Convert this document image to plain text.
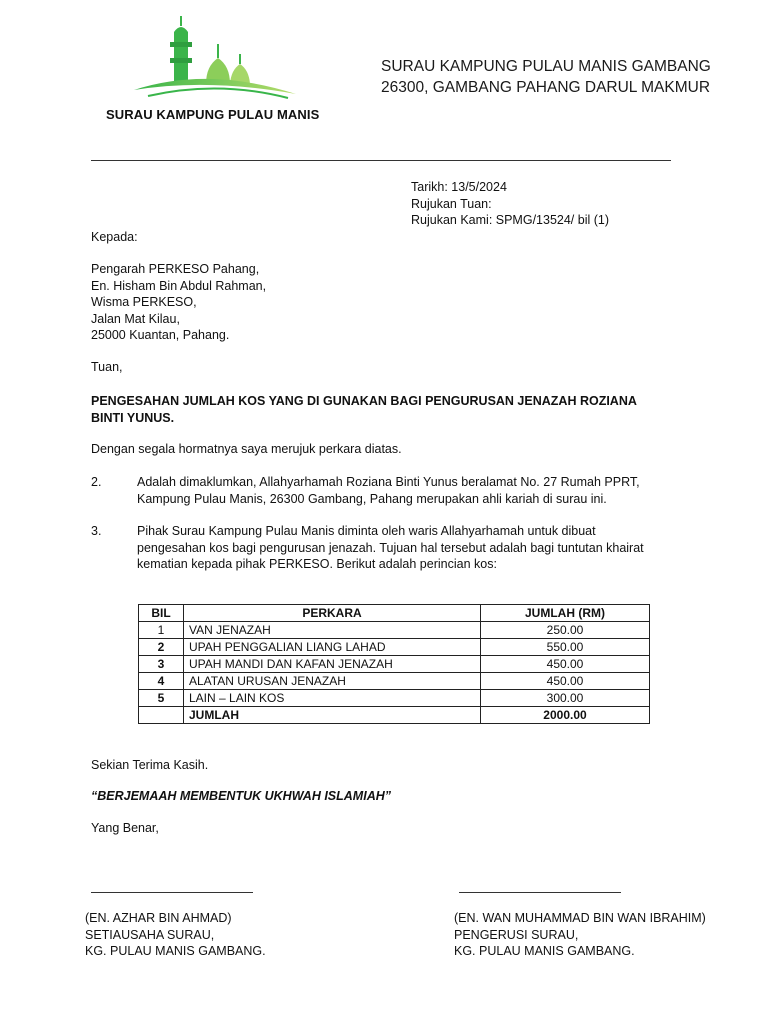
SURAU KAMPUNG PULAU MANIS
SURAU KAMPUNG PULAU MANIS GAMBANG
26300, GAMBANG PAHANG DARUL MAKMUR
Tarikh: 13/5/2024
Rujukan Tuan:
Rujukan Kami: SPMG/13524/ bil (1)
Kepada:
Pengarah PERKESO Pahang,
En. Hisham Bin Abdul Rahman,
Wisma PERKESO,
Jalan Mat Kilau,
25000 Kuantan, Pahang.
Tuan,
PENGESAHAN JUMLAH KOS YANG DI GUNAKAN BAGI PENGURUSAN JENAZAH ROZIANA BINTI YUNUS.
Dengan segala hormatnya saya merujuk perkara diatas.
2.	Adalah dimaklumkan, Allahyarhamah Roziana Binti Yunus beralamat No. 27 Rumah PPRT,
Kampung Pulau Manis, 26300 Gambang, Pahang merupakan ahli kariah di surau ini.
3.	Pihak Surau Kampung Pulau Manis diminta oleh waris Allahyarhamah untuk dibuat
pengesahan kos bagi pengurusan jenazah. Tujuan hal tersebut adalah bagi tuntutan khairat
kematian kepada pihak PERKESO. Berikut adalah perincian kos:
BIL	PERKARA	JUMLAH (RM)
1	VAN JENAZAH	250.00
2	UPAH PENGGALIAN LIANG LAHAD	550.00
3	UPAH MANDI DAN KAFAN JENAZAH	450.00
4	ALATAN URUSAN JENAZAH	450.00
5	LAIN – LAIN KOS	300.00
	JUMLAH	2000.00
Sekian Terima Kasih.
“BERJEMAAH MEMBENTUK UKHWAH ISLAMIAH”
Yang Benar,
(EN. AZHAR BIN AHMAD)
SETIAUSAHA SURAU,
KG. PULAU MANIS GAMBANG.
(EN. WAN MUHAMMAD BIN WAN IBRAHIM)
PENGERUSI SURAU,
KG. PULAU MANIS GAMBANG.
